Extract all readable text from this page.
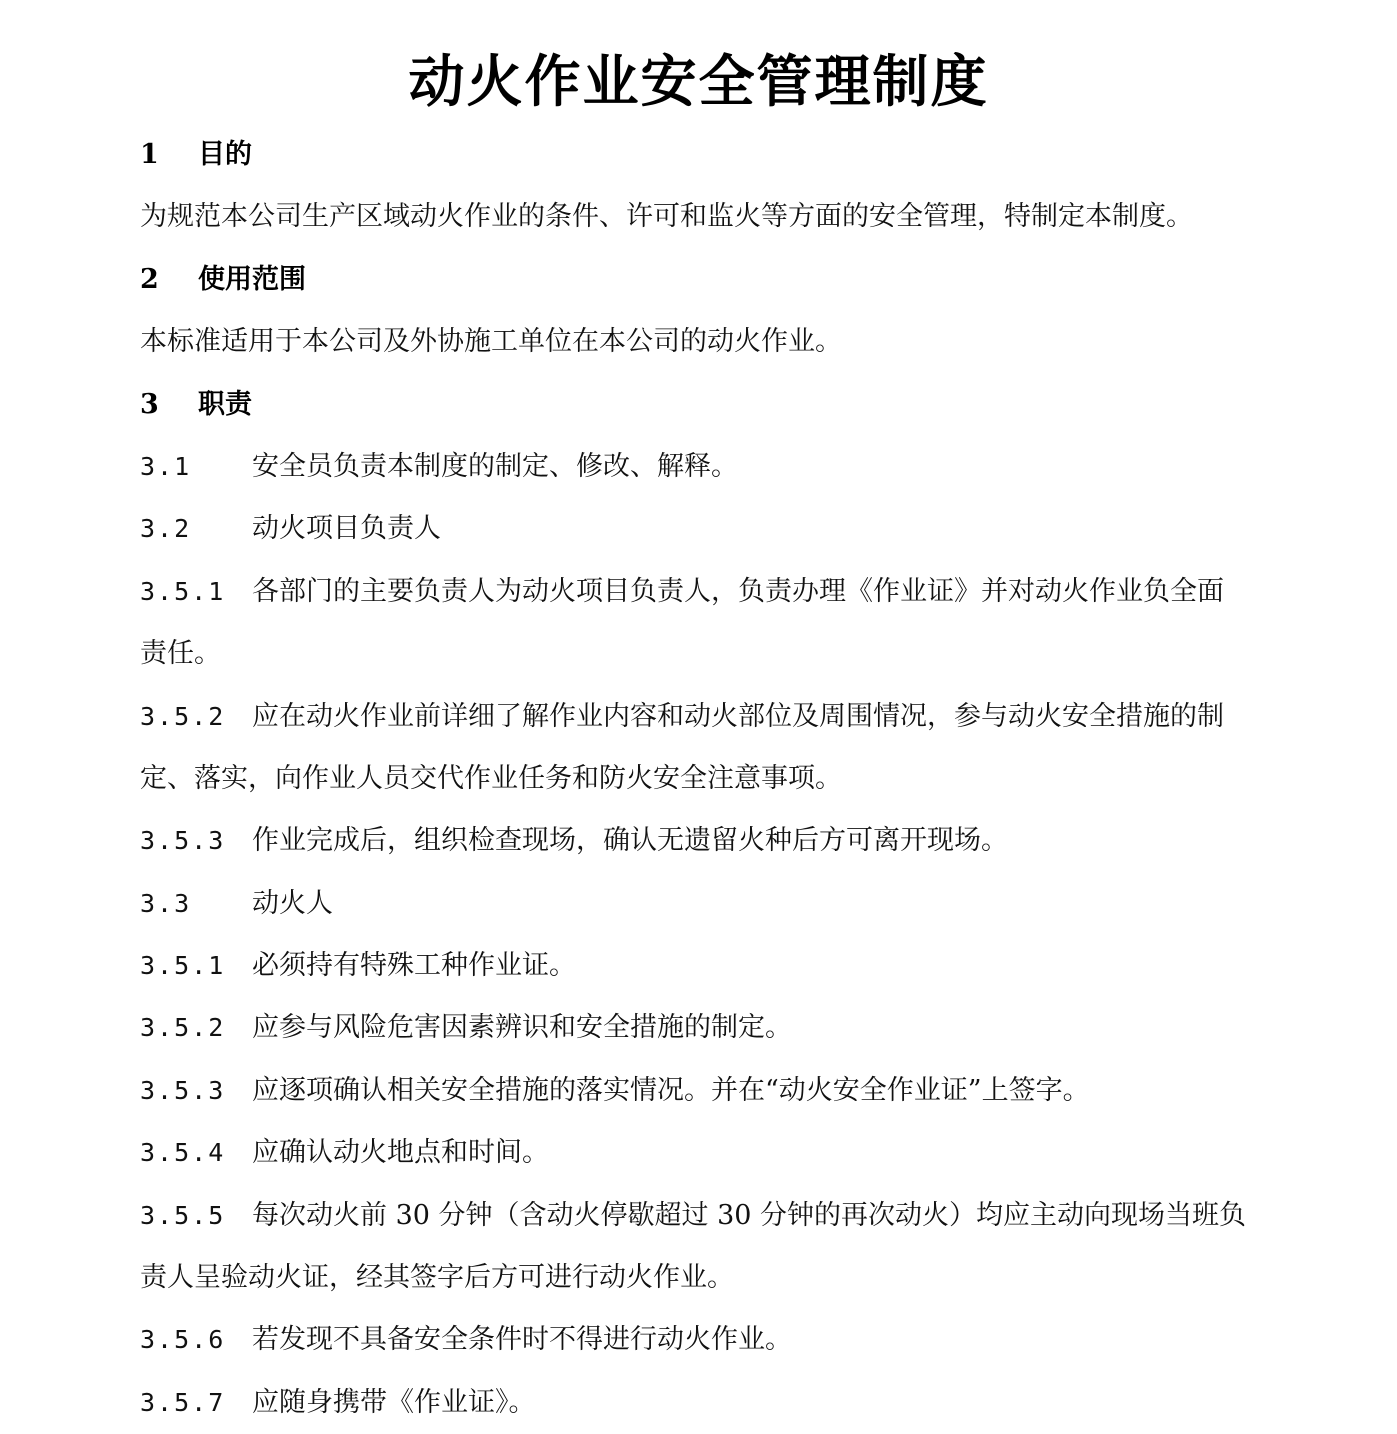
动火作业安全管理制度
1 目的
为规范本公司生产区域动火作业的条件、许可和监火等方面的安全管理，特制定本制度。
2 使用范围
本标准适用于本公司及外协施工单位在本公司的动火作业。
3 职责
3.1 安全员负责本制度的制定、修改、解释。
3.2 动火项目负责人
3.5.1 各部门的主要负责人为动火项目负责人，负责办理《作业证》并对动火作业负全面
责任。
3.5.2 应在动火作业前详细了解作业内容和动火部位及周围情况，参与动火安全措施的制
定、落实，向作业人员交代作业任务和防火安全注意事项。
3.5.3 作业完成后，组织检查现场，确认无遗留火种后方可离开现场。
3.3 动火人
3.5.1 必须持有特殊工种作业证。
3.5.2 应参与风险危害因素辨识和安全措施的制定。
3.5.3 应逐项确认相关安全措施的落实情况。并在“动火安全作业证”上签字。
3.5.4 应确认动火地点和时间。
3.5.5 每次动火前 30 分钟（含动火停歇超过 30 分钟的再次动火）均应主动向现场当班负
责人呈验动火证，经其签字后方可进行动火作业。
3.5.6 若发现不具备安全条件时不得进行动火作业。
3.5.7 应随身携带《作业证》。
